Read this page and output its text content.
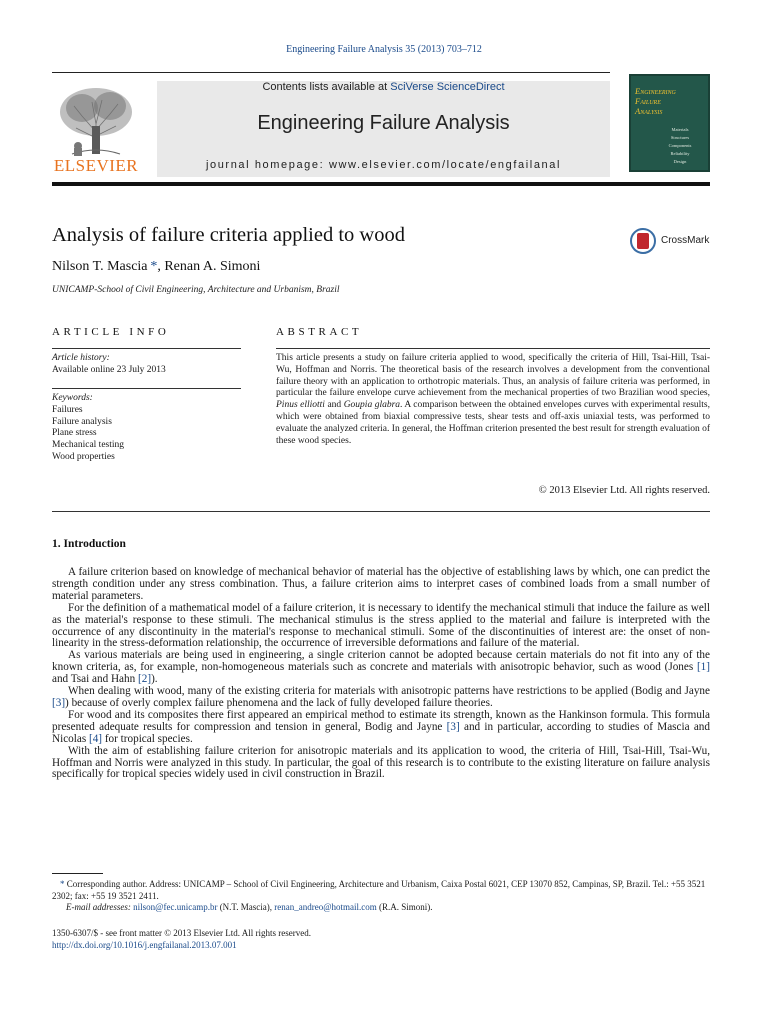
Engineering Failure Analysis 35 (2013) 703–712
ELSEVIER
Contents lists available at SciVerse ScienceDirect
Engineering Failure Analysis
journal homepage: www.elsevier.com/locate/engfailanal
Engineering
Failure
Analysis
Materials
Structures
Components
Reliability
Design
Analysis of failure criteria applied to wood	CrossMark
Nilson T. Mascia  *, Renan A. Simoni
UNICAMP-School of Civil Engineering, Architecture and Urbanism, Brazil
ARTICLE INFO	ABSTRACT
Article history:
Available online 23 July 2013
Keywords:
Failures
Failure analysis
Plane stress
Mechanical testing
Wood properties
This article presents a study on failure criteria applied to wood, specifically the criteria of Hill, Tsai-Hill, Tsai-Wu, Hoffman and Norris. The theoretical basis of the research involves a development from the conventional failure theory with an application to orthotropic materials. Thus, an analysis of failure criteria was performed, in particular the failure envelope curve achievement from the mechanical properties of two Brazilian wood species, Pinus elliotti and Goupia glabra. A comparison between the obtained envelopes curves with experimental results, which were obtained from biaxial compressive tests, shear tests and off-axis uniaxial tests, was performed to evaluate the analyzed criteria. In general, the Hoffman criterion presented the best result for strength evaluation of these wood species.
© 2013 Elsevier Ltd. All rights reserved.
1. Introduction

A failure criterion based on knowledge of mechanical behavior of material has the objective of establishing laws by which, one can predict the strength condition under any stress combination. Thus, a failure criterion aims to interpret cases of combined loads from a small number of material parameters.

For the definition of a mathematical model of a failure criterion, it is necessary to identify the mechanical stimuli that induce the failure as well as the material's response to these stimuli. The mechanical stimulus is the stress applied to the material and failure is interpreted with the occurrence of any discontinuity in the material's response to mechanical stimuli. Some of the discontinuities of interest are: the onset of non-linearity in the stress-deformation relationship, the occurrence of irreversible deformations and failure of the material.

As various materials are being used in engineering, a single criterion cannot be adopted because certain materials do not fit into any of the known criteria, as, for example, non-homogeneous materials such as concrete and materials with anisotropic behavior, such as wood (Jones [1] and Tsai and Hahn [2]).

When dealing with wood, many of the existing criteria for materials with anisotropic patterns have restrictions to be applied (Bodig and Jayne [3]) because of overly complex failure phenomena and the lack of fully developed failure theories.

For wood and its composites there first appeared an empirical method to estimate its strength, known as the Hankinson formula. This formula presented adequate results for compression and tension in general, Bodig and Jayne [3] and in particular, according to studies of Mascia and Nicolas [4] for tropical species.

With the aim of establishing failure criterion for anisotropic materials and its application to wood, the criteria of Hill, Tsai-Hill, Tsai-Wu, Hoffman and Norris were analyzed in this study. In particular, the goal of this research is to contribute to the existing literature on failure analysis specifically for tropical species widely used in civil construction in Brazil.

* Corresponding author. Address: UNICAMP – School of Civil Engineering, Architecture and Urbanism, Caixa Postal 6021, CEP 13070 852, Campinas, SP, Brazil. Tel.: +55 3521 2302; fax: +55 19 3521 2411.

E-mail addresses: nilson@fec.unicamp.br (N.T. Mascia), renan_andreo@hotmail.com (R.A. Simoni).

1350-6307/$ - see front matter © 2013 Elsevier Ltd. All rights reserved.
http://dx.doi.org/10.1016/j.engfailanal.2013.07.001
